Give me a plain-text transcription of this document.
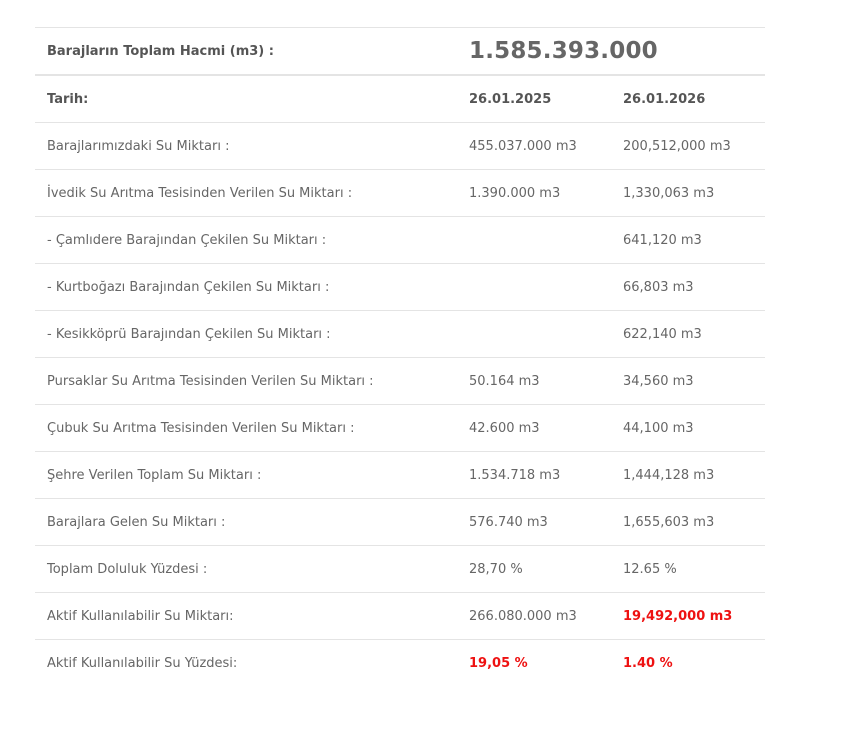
Barajların Toplam Hacmi (m3) :	1.585.393.000	
Tarih:	26.01.2025	26.01.2026
Barajlarımızdaki Su Miktarı :	455.037.000 m3	200,512,000 m3
İvedik Su Arıtma Tesisinden Verilen Su Miktarı :	1.390.000 m3	1,330,063 m3
- Çamlıdere Barajından Çekilen Su Miktarı :		641,120 m3
- Kurtboğazı Barajından Çekilen Su Miktarı :		66,803 m3
- Kesikköprü Barajından Çekilen Su Miktarı :		622,140 m3
Pursaklar Su Arıtma Tesisinden Verilen Su Miktarı :	50.164 m3	34,560 m3
Çubuk Su Arıtma Tesisinden Verilen Su Miktarı :	42.600 m3	44,100 m3
Şehre Verilen Toplam Su Miktarı :	1.534.718 m3	1,444,128 m3
Barajlara Gelen Su Miktarı :	576.740 m3	1,655,603 m3
Toplam Doluluk Yüzdesi :	28,70 %	12.65 %
Aktif Kullanılabilir Su Miktarı:	266.080.000 m3	19,492,000 m3
Aktif Kullanılabilir Su Yüzdesi:	19,05 %	1.40 %
